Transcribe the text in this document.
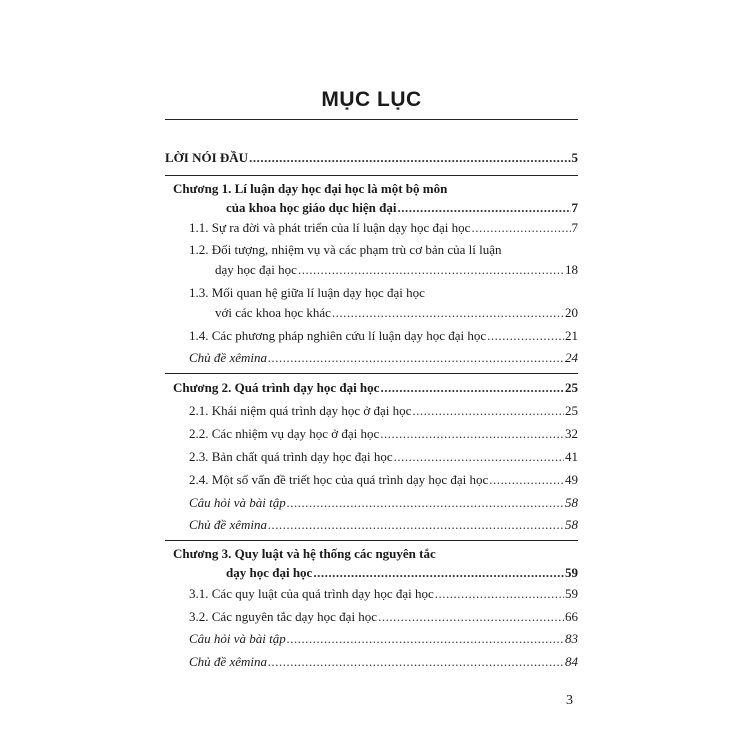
MỤC LỤC
LỜI NÓI ĐẦU .....	5
Chương 1. Lí luận dạy học đại học là một bộ môn
của khoa học giáo dục hiện đại .....	7
1.1. Sự ra đời và phát triển của lí luận dạy học đại học .....	7
1.2. Đối tượng, nhiệm vụ và các phạm trù cơ bản của lí luận
dạy học đại học .....	18
1.3. Mối quan hệ giữa lí luận dạy học đại học
với các khoa học khác .....	20
1.4. Các phương pháp nghiên cứu lí luận dạy học đại học .....	21
Chủ đề xêmina .....	24
Chương 2. Quá trình dạy học đại học .....	25
2.1. Khái niệm quá trình dạy học ở đại học .....	25
2.2. Các nhiệm vụ dạy học ở đại học .....	32
2.3. Bản chất quá trình dạy học đại học .....	41
2.4. Một số vấn đề triết học của quá trình dạy học đại học .....	49
Câu hỏi và bài tập .....	58
Chủ đề xêmina .....	58
Chương 3. Quy luật và hệ thống các nguyên tắc
dạy học đại học .....	59
3.1. Các quy luật của quá trình dạy học đại học .....	59
3.2. Các nguyên tắc dạy học đại học .....	66
Câu hỏi và bài tập .....	83
Chủ đề xêmina .....	84
3
